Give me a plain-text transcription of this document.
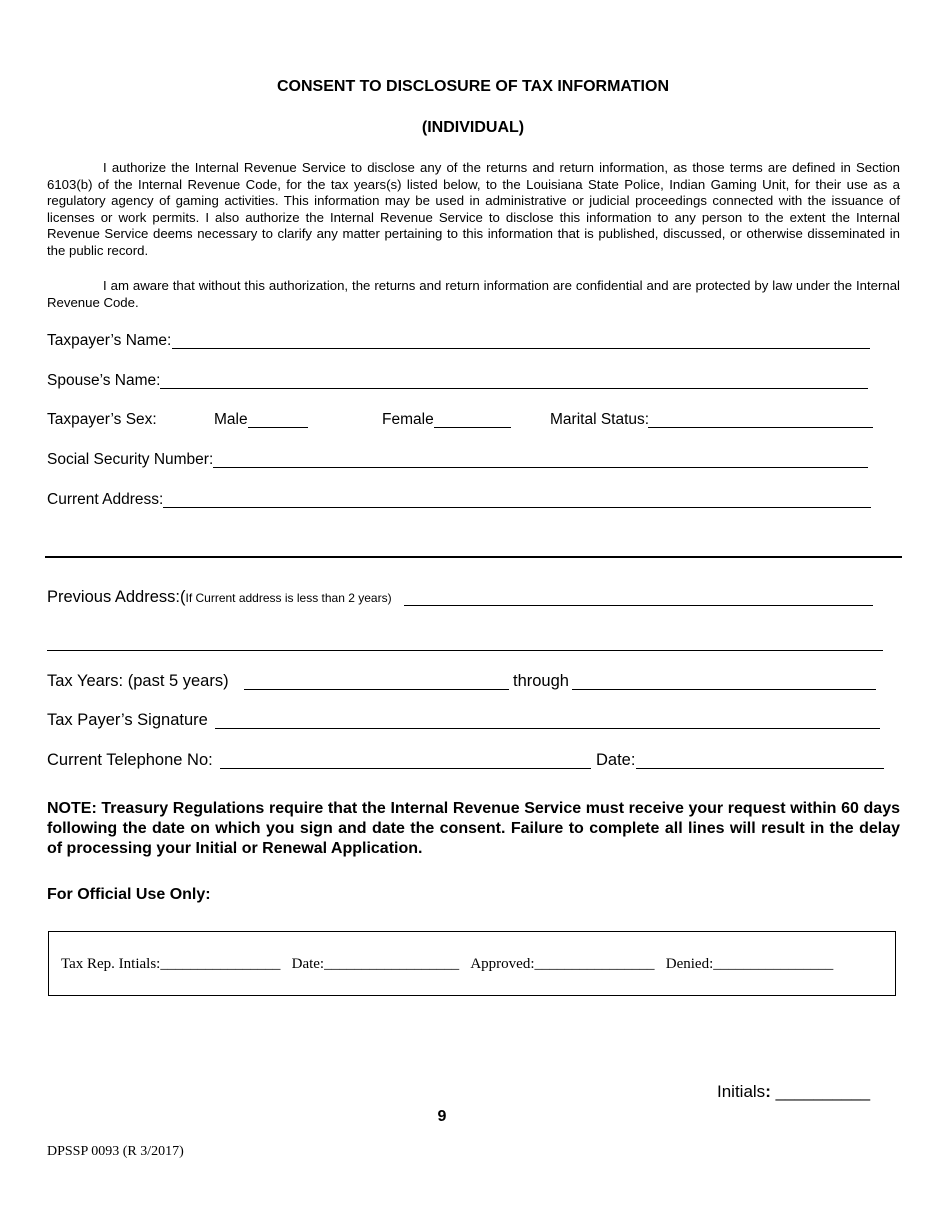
CONSENT TO DISCLOSURE OF TAX INFORMATION
(INDIVIDUAL)
I authorize the Internal Revenue Service to disclose any of the returns and return information, as those terms are defined in Section 6103(b) of the Internal Revenue Code, for the tax years(s) listed below, to the Louisiana State Police, Indian Gaming Unit, for their use as a regulatory agency of gaming activities. This information may be used in administrative or judicial proceedings connected with the issuance of licenses or work permits. I also authorize the Internal Revenue Service to disclose this information to any person to the extent the Internal Revenue Service deems necessary to clarify any matter pertaining to this information that is published, discussed, or otherwise disseminated in the public record.
I am aware that without this authorization, the returns and return information are confidential and are protected by law under the Internal Revenue Code.
Taxpayer’s Name:
Spouse’s Name:
Taxpayer’s Sex:	Male	Female	Marital Status:
Social Security Number:
Current Address:
Previous Address:(If Current address is less than 2 years)
Tax Years: (past 5 years)	through
Tax Payer’s Signature
Current Telephone No:	Date:
NOTE: Treasury Regulations require that the Internal Revenue Service must receive your request within 60 days following the date on which you sign and date the consent. Failure to complete all lines will result in the delay of processing your Initial or Renewal Application.
For Official Use Only:
Tax Rep. Intials:________________ Date:__________________ Approved:________________ Denied:________________
Initials: __________
9
DPSSP 0093 (R 3/2017)
